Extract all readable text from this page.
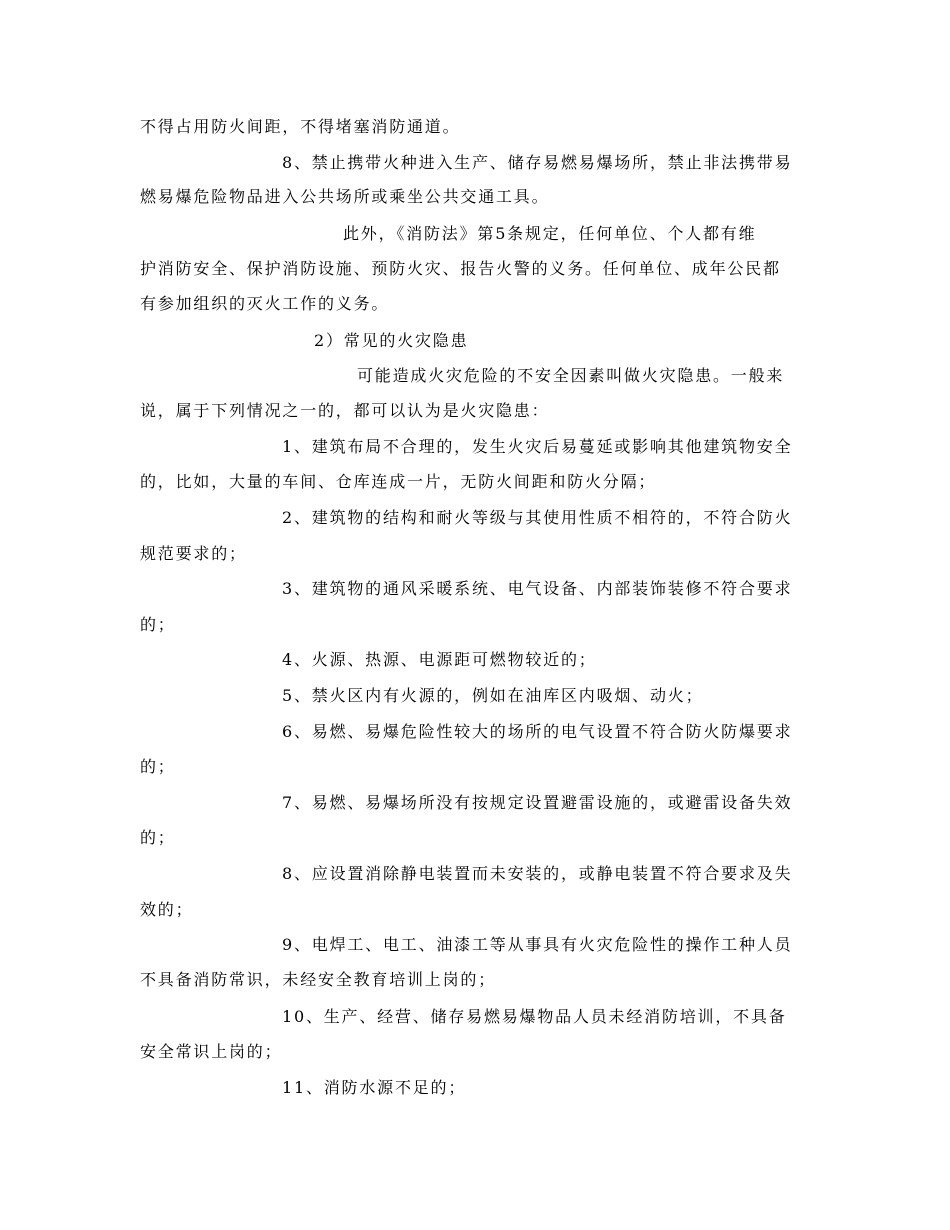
不得占用防火间距，不得堵塞消防通道。
8、禁止携带火种进入生产、储存易燃易爆场所，禁止非法携带易
燃易爆危险物品进入公共场所或乘坐公共交通工具。
此外，《消防法》第5条规定，任何单位、个人都有维
护消防安全、保护消防设施、预防火灾、报告火警的义务。任何单位、成年公民都
有参加组织的灭火工作的义务。
2）常见的火灾隐患
可能造成火灾危险的不安全因素叫做火灾隐患。一般来
说，属于下列情况之一的，都可以认为是火灾隐患：
1、建筑布局不合理的，发生火灾后易蔓延或影响其他建筑物安全
的，比如，大量的车间、仓库连成一片，无防火间距和防火分隔；
2、建筑物的结构和耐火等级与其使用性质不相符的，不符合防火
规范要求的；
3、建筑物的通风采暖系统、电气设备、内部装饰装修不符合要求
的；
4、火源、热源、电源距可燃物较近的；
5、禁火区内有火源的，例如在油库区内吸烟、动火；
6、易燃、易爆危险性较大的场所的电气设置不符合防火防爆要求
的；
7、易燃、易爆场所没有按规定设置避雷设施的，或避雷设备失效
的；
8、应设置消除静电装置而未安装的，或静电装置不符合要求及失
效的；
9、电焊工、电工、油漆工等从事具有火灾危险性的操作工种人员
不具备消防常识，未经安全教育培训上岗的；
10、生产、经营、储存易燃易爆物品人员未经消防培训，不具备
安全常识上岗的；
11、消防水源不足的；
